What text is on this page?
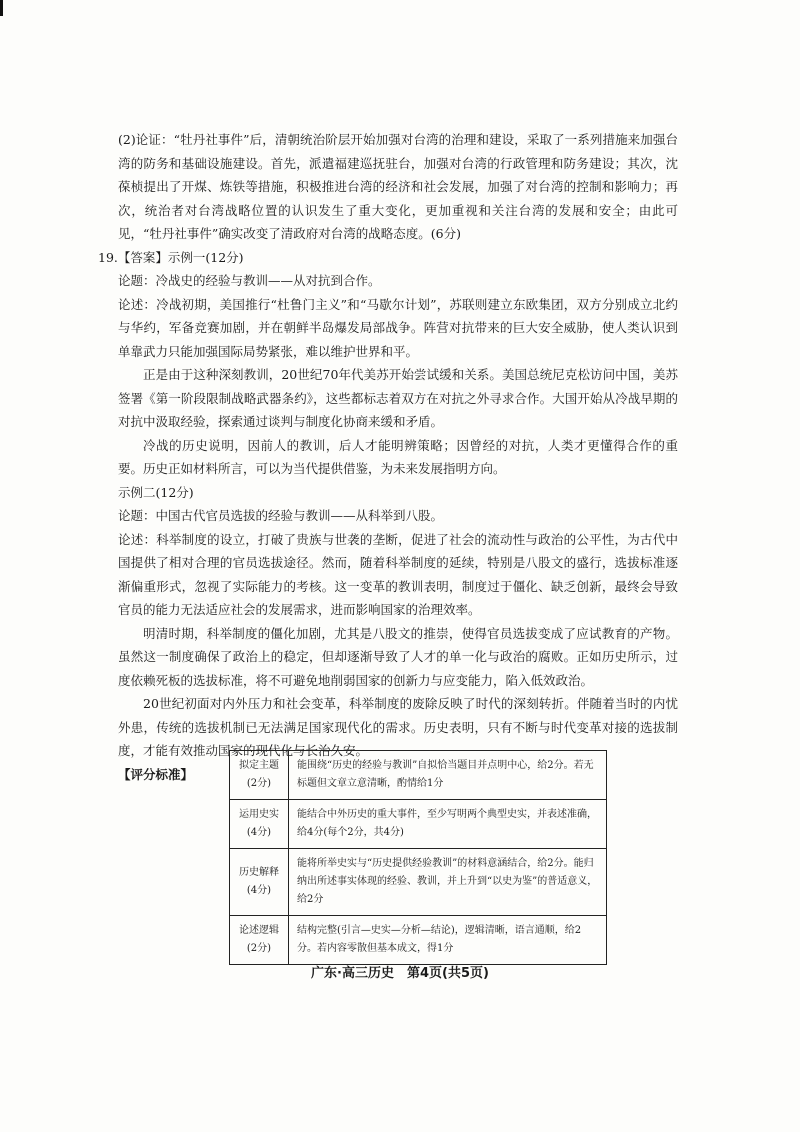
(2)论证：“牡丹社事件”后，清朝统治阶层开始加强对台湾的治理和建设，采取了一系列措施来加强台湾的防务和基础设施建设。首先，派遣福建巡抚驻台，加强对台湾的行政管理和防务建设；其次，沈葆桢提出了开煤、炼铁等措施，积极推进台湾的经济和社会发展，加强了对台湾的控制和影响力；再次，统治者对台湾战略位置的认识发生了重大变化，更加重视和关注台湾的发展和安全；由此可见，“牡丹社事件”确实改变了清政府对台湾的战略态度。(6分)

19.【答案】示例一(12分)

论题：冷战史的经验与教训——从对抗到合作。

论述：冷战初期，美国推行“杜鲁门主义”和“马歇尔计划”，苏联则建立东欧集团，双方分别成立北约与华约，军备竞赛加剧，并在朝鲜半岛爆发局部战争。阵营对抗带来的巨大安全威胁，使人类认识到单靠武力只能加强国际局势紧张，难以维护世界和平。

正是由于这种深刻教训，20世纪70年代美苏开始尝试缓和关系。美国总统尼克松访问中国，美苏签署《第一阶段限制战略武器条约》，这些都标志着双方在对抗之外寻求合作。大国开始从冷战早期的对抗中汲取经验，探索通过谈判与制度化协商来缓和矛盾。

冷战的历史说明，因前人的教训，后人才能明辨策略；因曾经的对抗，人类才更懂得合作的重要。历史正如材料所言，可以为当代提供借鉴，为未来发展指明方向。

示例二(12分)

论题：中国古代官员选拔的经验与教训——从科举到八股。

论述：科举制度的设立，打破了贵族与世袭的垄断，促进了社会的流动性与政治的公平性，为古代中国提供了相对合理的官员选拔途径。然而，随着科举制度的延续，特别是八股文的盛行，选拔标准逐渐偏重形式，忽视了实际能力的考核。这一变革的教训表明，制度过于僵化、缺乏创新，最终会导致官员的能力无法适应社会的发展需求，进而影响国家的治理效率。

明清时期，科举制度的僵化加剧，尤其是八股文的推崇，使得官员选拔变成了应试教育的产物。虽然这一制度确保了政治上的稳定，但却逐渐导致了人才的单一化与政治的腐败。正如历史所示，过度依赖死板的选拔标准，将不可避免地削弱国家的创新力与应变能力，陷入低效政治。

20世纪初面对内外压力和社会变革，科举制度的废除反映了时代的深刻转折。伴随着当时的内忧外患，传统的选拔机制已无法满足国家现代化的需求。历史表明，只有不断与时代变革对接的选拔制度，才能有效推动国家的现代化与长治久安。

【评分标准】

拟定主题
(2分)	能围绕“历史的经验与教训”自拟恰当题目并点明中心，给2分。若无标题但文章立意清晰，酌情给1分

运用史实
(4分)	能结合中外历史的重大事件，至少写明两个典型史实，并表述准确，给4分(每个2分，共4分)

历史解释
(4分)	能将所举史实与“历史提供经验教训”的材料意涵结合，给2分。能归纳出所述事实体现的经验、教训，并上升到“以史为鉴”的普适意义，给2分

论述逻辑
(2分)	结构完整(引言—史实—分析—结论)，逻辑清晰，语言通顺，给2分。若内容零散但基本成文，得1分
广东·高三历史　第4页(共5页)
